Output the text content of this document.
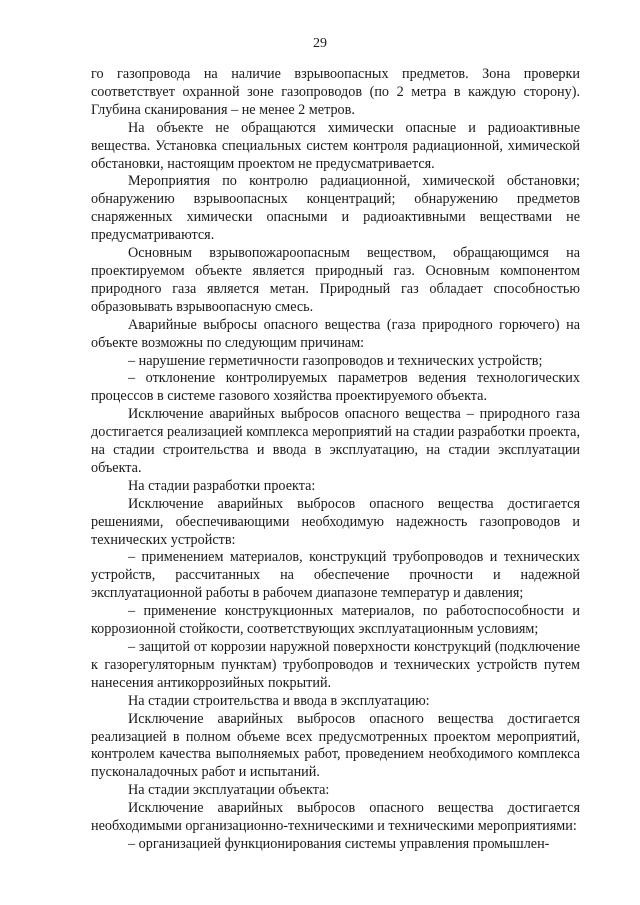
29

го газопровода на наличие взрывоопасных предметов. Зона проверки соответствует охранной зоне газопроводов (по 2 метра в каждую сторону). Глубина сканирования – не менее 2 метров.

На объекте не обращаются химически опасные и радиоактивные вещества. Установка специальных систем контроля радиационной, химической обстановки, настоящим проектом не предусматривается.

Мероприятия по контролю радиационной, химической обстановки; обнаружению взрывоопасных концентраций; обнаружению предметов снаряженных химически опасными и радиоактивными веществами не предусматриваются.

Основным взрывопожароопасным веществом, обращающимся на проектируемом объекте является природный газ. Основным компонентом природного газа является метан. Природный газ обладает способностью образовывать взрывоопасную смесь.

Аварийные выбросы опасного вещества (газа природного горючего) на объекте возможны по следующим причинам:

– нарушение герметичности газопроводов и технических устройств;

– отклонение контролируемых параметров ведения технологических процессов в системе газового хозяйства проектируемого объекта.

Исключение аварийных выбросов опасного вещества – природного газа достигается реализацией комплекса мероприятий на стадии разработки проекта, на стадии строительства и ввода в эксплуатацию, на стадии эксплуатации объекта.

На стадии разработки проекта:

Исключение аварийных выбросов опасного вещества достигается решениями, обеспечивающими необходимую надежность газопроводов и технических устройств:

– применением материалов, конструкций трубопроводов и технических устройств, рассчитанных на обеспечение прочности и надежной эксплуатационной работы в рабочем диапазоне температур и давления;

– применение конструкционных материалов, по работоспособности и коррозионной стойкости, соответствующих эксплуатационным условиям;

– защитой от коррозии наружной поверхности конструкций (подключение к газорегуляторным пунктам) трубопроводов и технических устройств путем нанесения антикоррозийных покрытий.

На стадии строительства и ввода в эксплуатацию:

Исключение аварийных выбросов опасного вещества достигается реализацией в полном объеме всех предусмотренных проектом мероприятий, контролем качества выполняемых работ, проведением необходимого комплекса пусконаладочных работ и испытаний.

На стадии эксплуатации объекта:

Исключение аварийных выбросов опасного вещества достигается необходимыми организационно-техническими и техническими мероприятиями:

– организацией функционирования системы управления промышлен-
